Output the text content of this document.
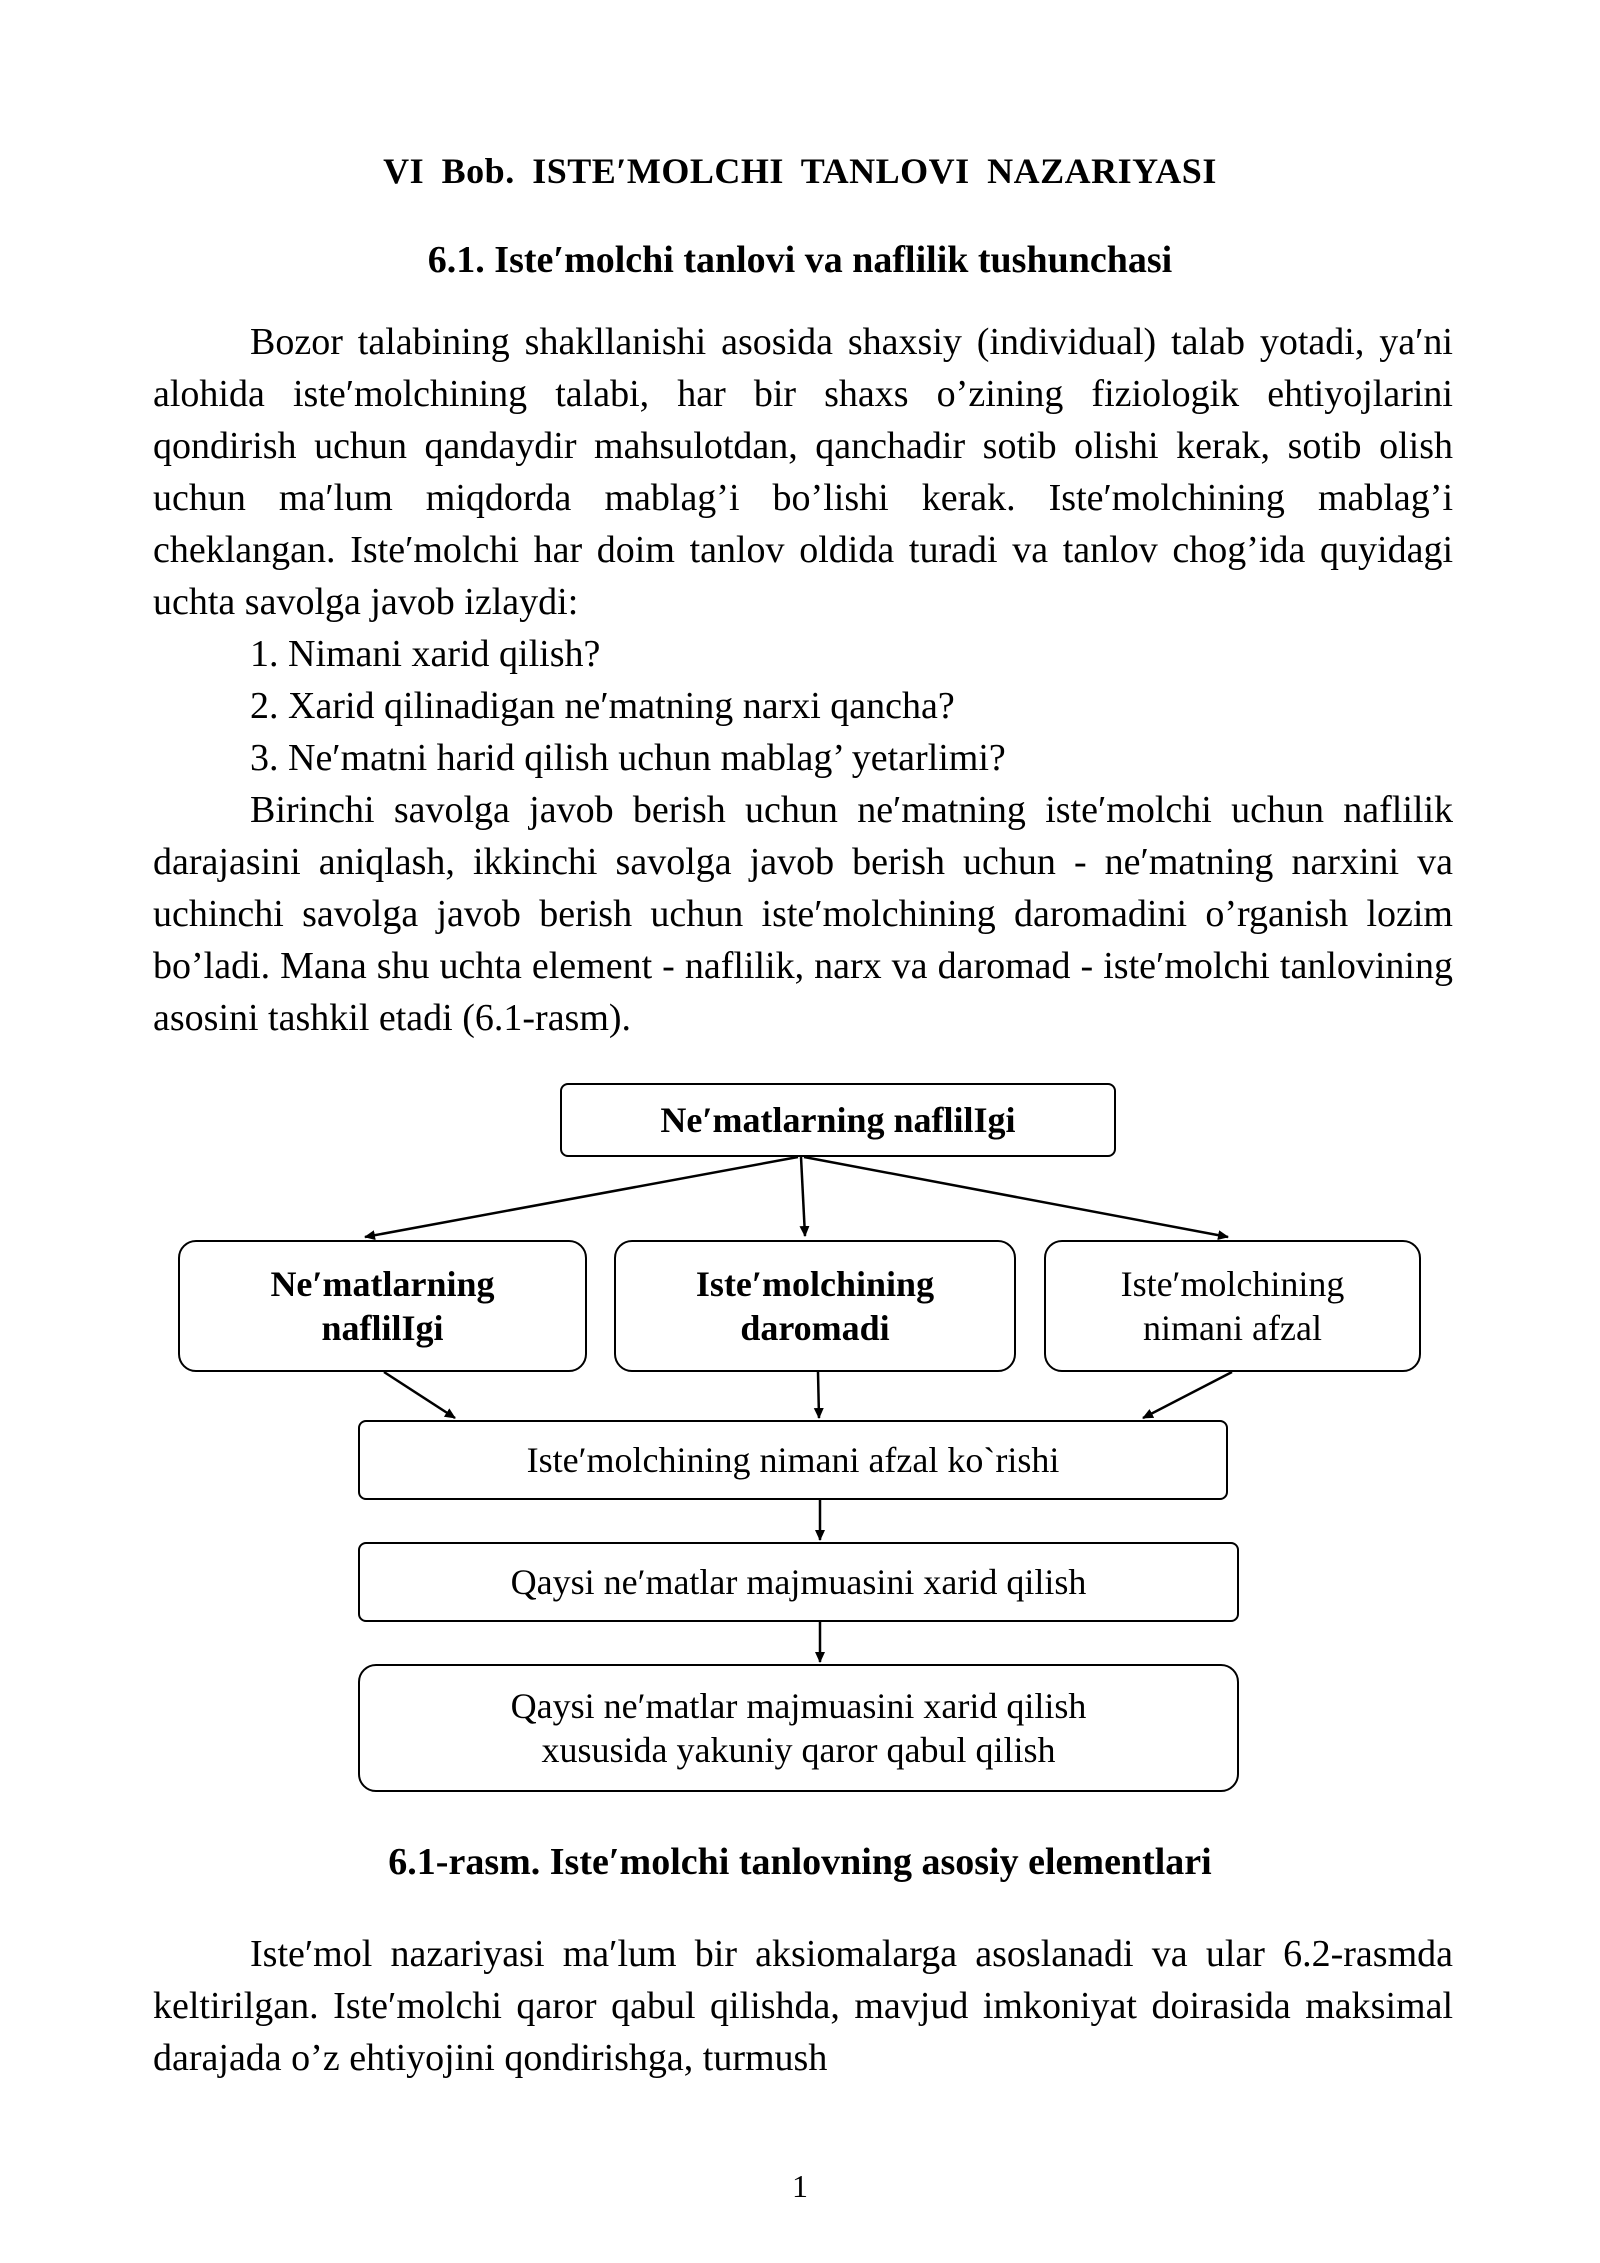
VI Bob. ISTE′MOLCHI TANLOVI NAZARIYASI
6.1. Iste′molchi tanlovi va naflilik tushunchasi

Bozor talabining shakllanishi asosida shaxsiy (individual) talab yotadi, ya′ni alohida iste′molchining talabi, har bir shaxs o’zining fiziologik ehtiyojlarini qondirish uchun qandaydir mahsulotdan, qanchadir sotib olishi kerak, sotib olish uchun ma′lum miqdorda mablag’i bo’lishi kerak. Iste′molchining mablag’i cheklangan. Iste′molchi har doim tanlov oldida turadi va tanlov chog’ida quyidagi uchta savolga javob izlaydi:

1. Nimani xarid qilish?

2. Xarid qilinadigan ne′matning narxi qancha?

3. Ne′matni harid qilish uchun mablag’ yetarlimi?

Birinchi savolga javob berish uchun ne′matning iste′molchi uchun naflilik darajasini aniqlash, ikkinchi savolga javob berish uchun - ne′matning narxini va uchinchi savolga javob berish uchun iste′molchining daromadini o’rganish lozim bo’ladi. Mana shu uchta element - naflilik, narx va daromad - iste′molchi tanlovining asosini tashkil etadi (6.1-rasm).

Ne′matlarning naflilIgi
Ne′matlarning
naflilIgi
Iste′molchining
daromadi
Iste′molchining
nimani afzal
Iste′molchining nimani afzal ko`rishi
Qaysi ne′matlar majmuasini xarid qilish
Qaysi ne′matlar majmuasini xarid qilish
xususida yakuniy qaror qabul qilish
6.1-rasm. Iste′molchi tanlovning asosiy elementlari

Iste′mol nazariyasi ma′lum bir aksiomalarga asoslanadi va ular 6.2-rasmda keltirilgan. Iste′molchi qaror qabul qilishda, mavjud imkoniyat doirasida maksimal darajada o’z ehtiyojini qondirishga, turmush

1
